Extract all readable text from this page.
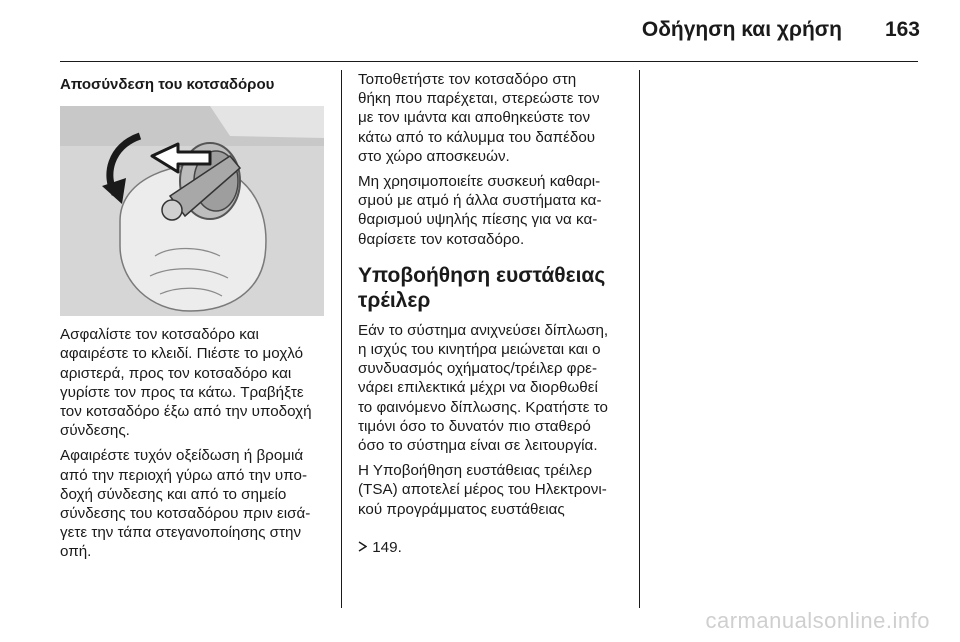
Οδήγηση και χρήση 163
Αποσύνδεση του κοτσαδόρου

Ασφαλίστε τον κοτσαδόρο και
αφαιρέστε το κλειδί. Πιέστε το μοχλό
αριστερά, προς τον κοτσαδόρο και
γυρίστε τον προς τα κάτω. Τραβήξτε
τον κοτσαδόρο έξω από την υποδοχή
σύνδεσης.

Αφαιρέστε τυχόν οξείδωση ή βρομιά
από την περιοχή γύρω από την υπο-
δοχή σύνδεσης και από το σημείο
σύνδεσης του κοτσαδόρου πριν εισά-
γετε την τάπα στεγανοποίησης στην
οπή.

Τοποθετήστε τον κοτσαδόρο στη
θήκη που παρέχεται, στερεώστε τον
με τον ιμάντα και αποθηκεύστε τον
κάτω από το κάλυμμα του δαπέδου
στο χώρο αποσκευών.

Μη χρησιμοποιείτε συσκευή καθαρι-
σμού με ατμό ή άλλα συστήματα κα-
θαρισμού υψηλής πίεσης για να κα-
θαρίσετε τον κοτσαδόρο.

Υποβοήθηση ευστάθειας
τρέιλερ

Εάν το σύστημα ανιχνεύσει δίπλωση,
η ισχύς του κινητήρα μειώνεται και ο
συνδυασμός οχήματος/τρέιλερ φρε-
νάρει επιλεκτικά μέχρι να διορθωθεί
το φαινόμενο δίπλωσης. Κρατήστε το
τιμόνι όσο το δυνατόν πιο σταθερό
όσο το σύστημα είναι σε λειτουργία.

Η Υποβοήθηση ευστάθειας τρέιλερ
(TSA) αποτελεί μέρος του Ηλεκτρονι-
κού προγράμματος ευστάθειας

149.

carmanualsonline.info
